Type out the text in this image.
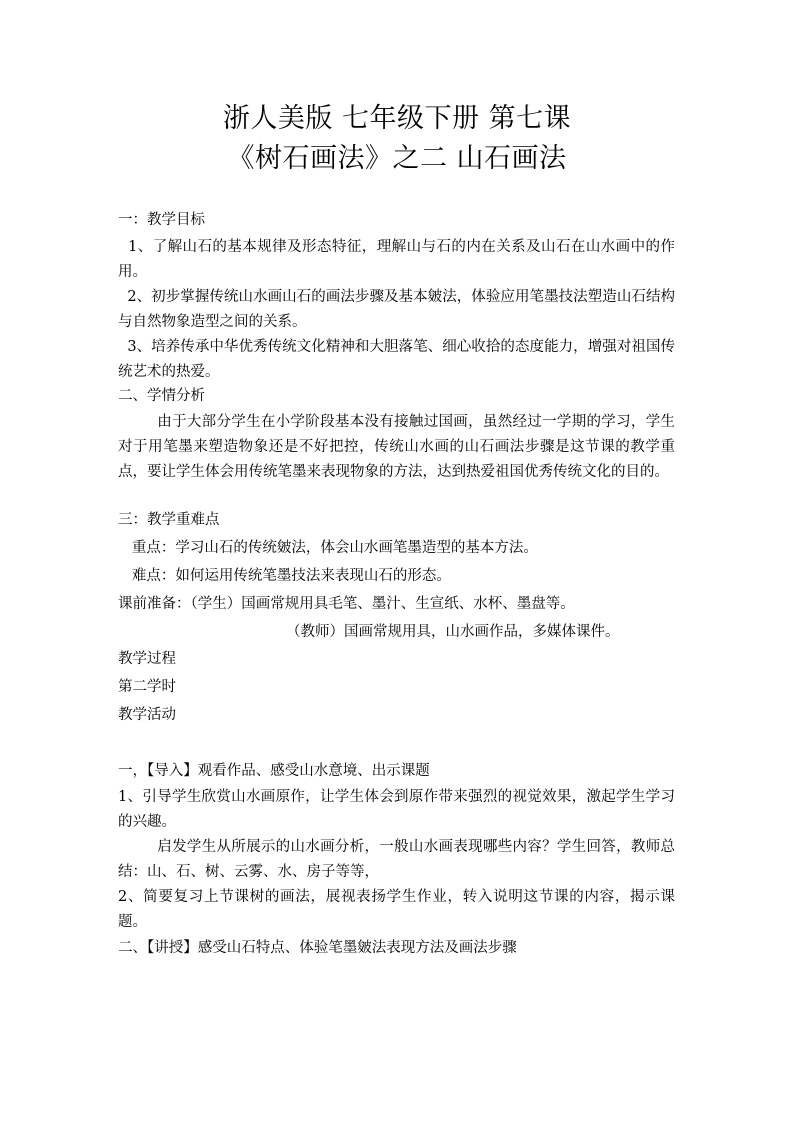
浙人美版 七年级下册 第七课
《树石画法》之二 山石画法
一：教学目标
1、了解山石的基本规律及形态特征，理解山与石的内在关系及山石在山水画中的作用。
2、初步掌握传统山水画山石的画法步骤及基本皴法，体验应用笔墨技法塑造山石结构与自然物象造型之间的关系。
3、培养传承中华优秀传统文化精神和大胆落笔、细心收拾的态度能力，增强对祖国传统艺术的热爱。
二、学情分析
由于大部分学生在小学阶段基本没有接触过国画，虽然经过一学期的学习，学生对于用笔墨来塑造物象还是不好把控，传统山水画的山石画法步骤是这节课的教学重点，要让学生体会用传统笔墨来表现物象的方法，达到热爱祖国优秀传统文化的目的。
三：教学重难点
重点：学习山石的传统皴法，体会山水画笔墨造型的基本方法。
难点：如何运用传统笔墨技法来表现山石的形态。
课前准备：（学生）国画常规用具毛笔、墨汁、生宣纸、水杯、墨盘等。
（教师）国画常规用具，山水画作品，多媒体课件。
教学过程
第二学时
教学活动
一，【导入】观看作品、感受山水意境、出示课题
1、引导学生欣赏山水画原作，让学生体会到原作带来强烈的视觉效果，激起学生学习的兴趣。
启发学生从所展示的山水画分析，一般山水画表现哪些内容？学生回答，教师总结：山、石、树、云雾、水、房子等等，
2、简要复习上节课树的画法，展视表扬学生作业，转入说明这节课的内容，揭示课题。
二、【讲授】感受山石特点、体验笔墨皴法表现方法及画法步骤
